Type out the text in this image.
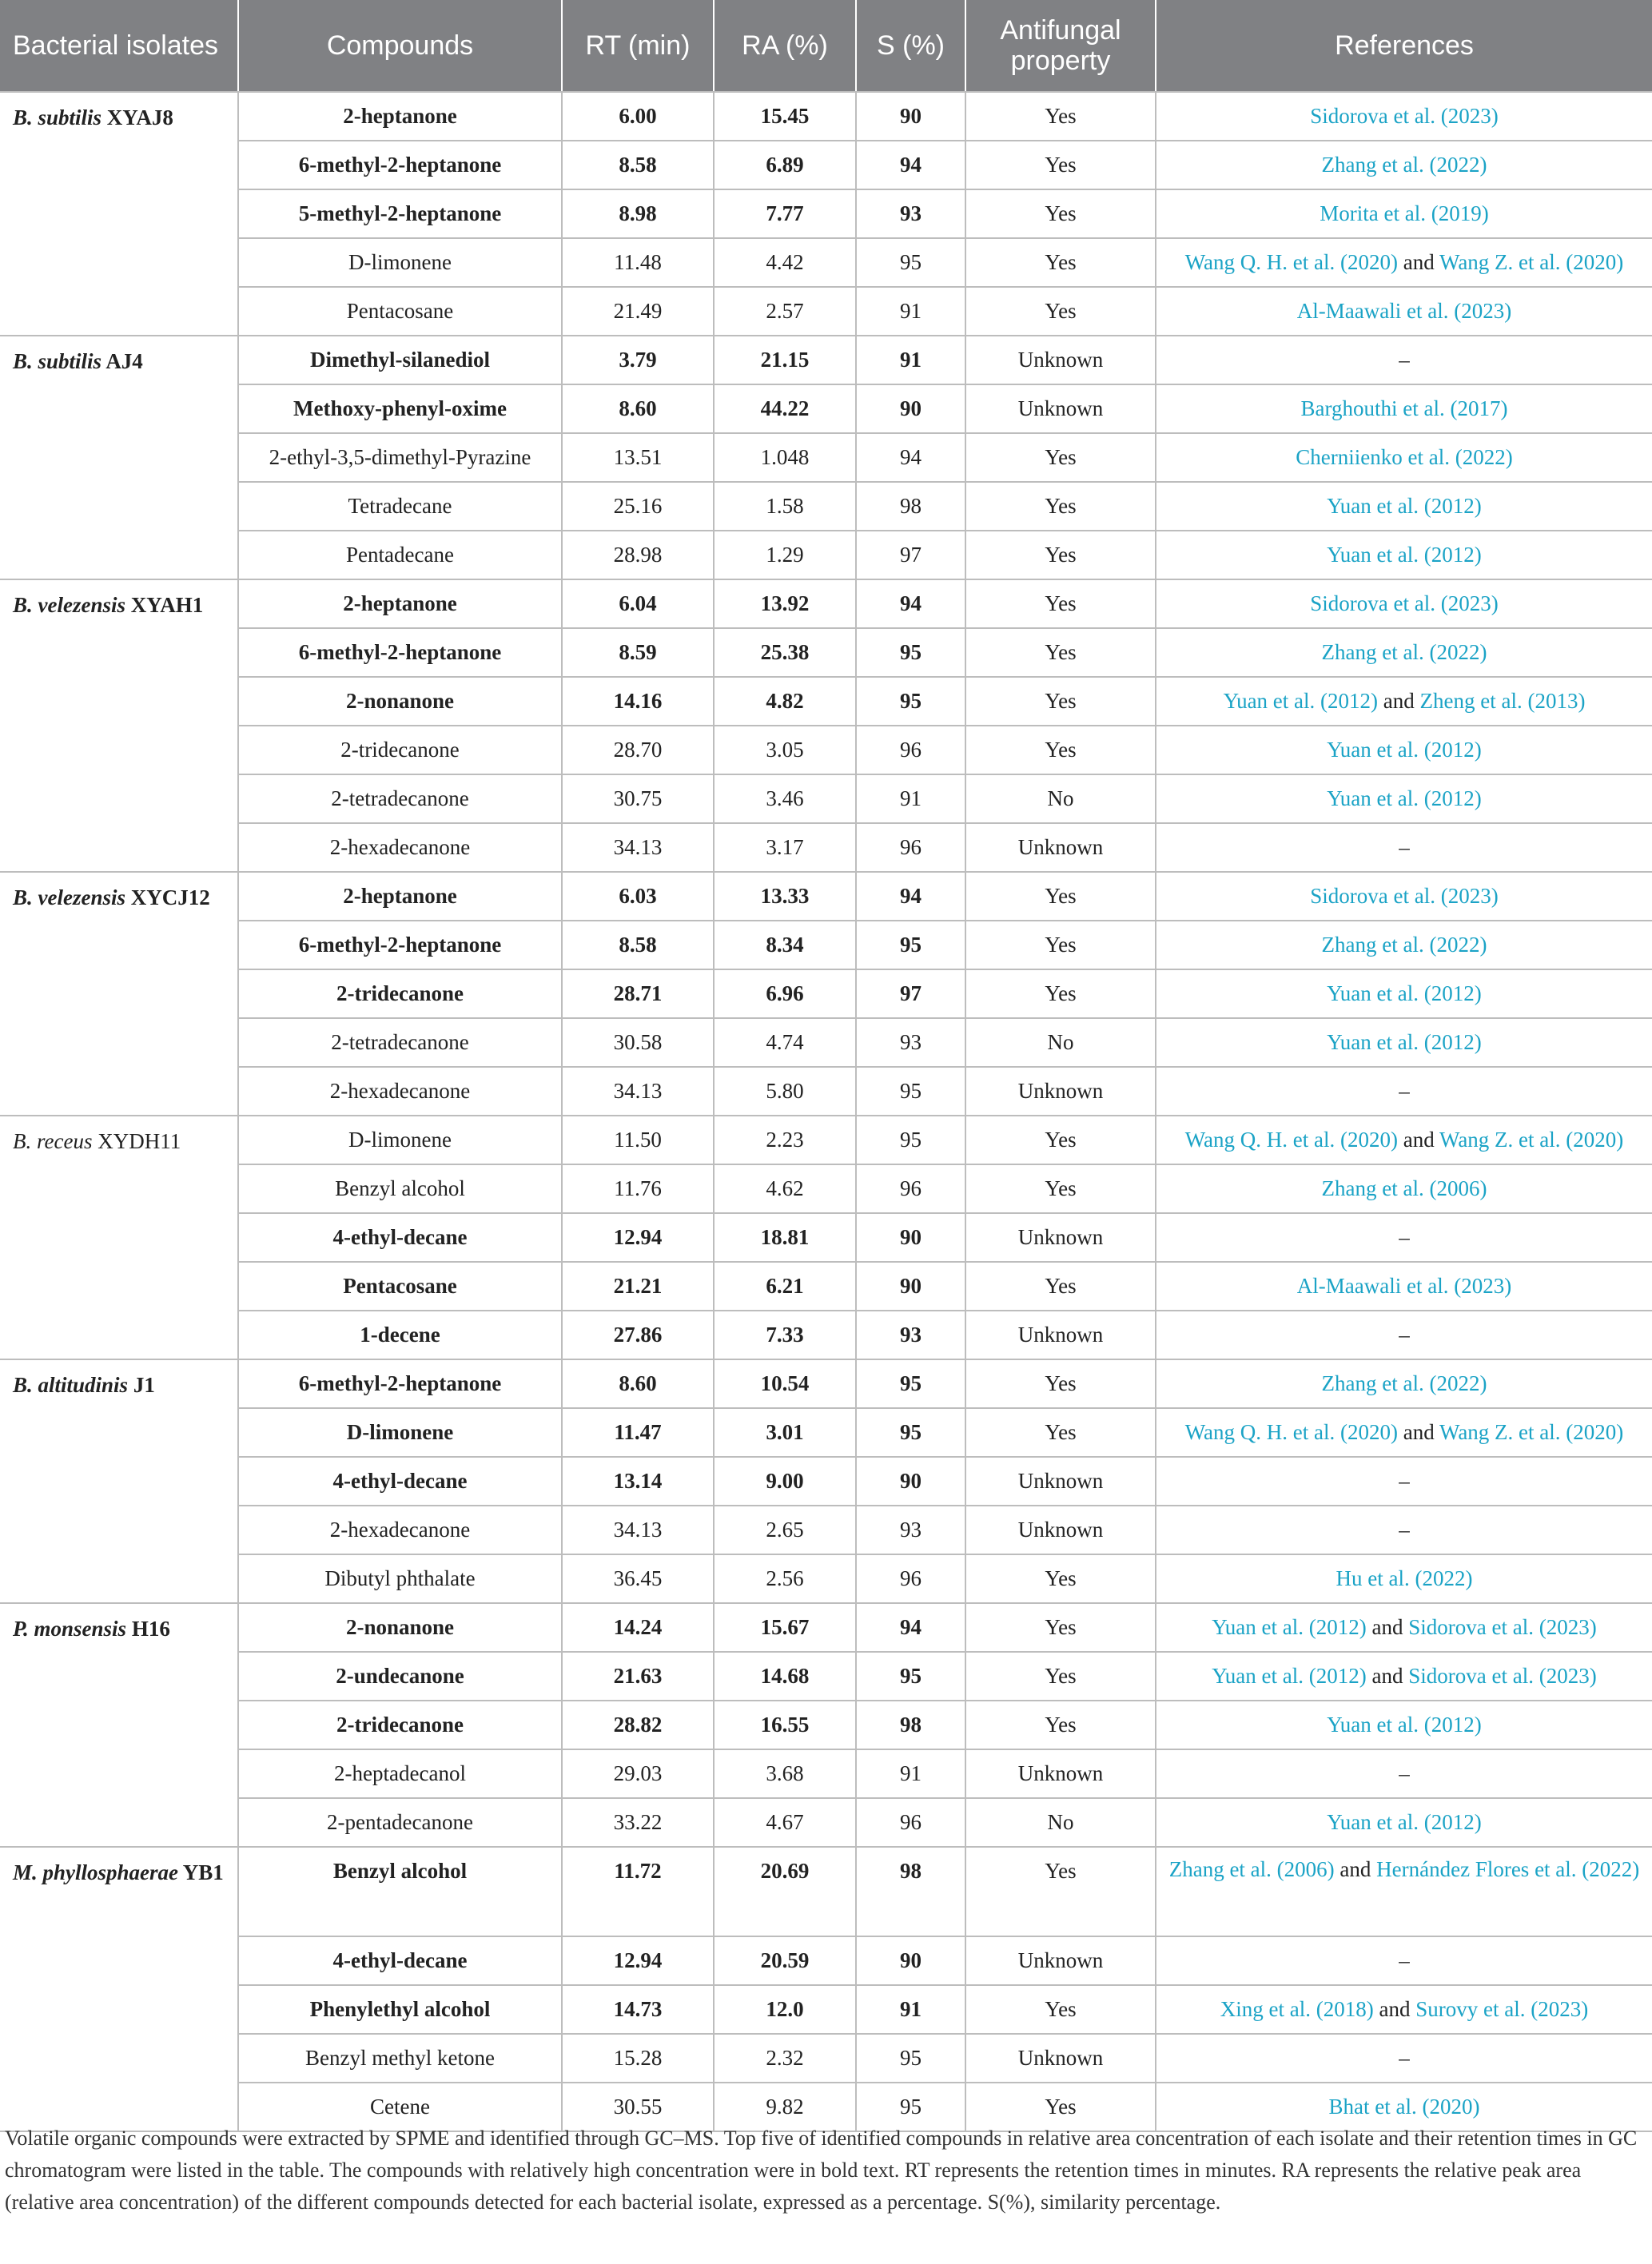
Bacterial isolates	Compounds	RT (min)	RA (%)	S (%)	Antifungal property	References
B. subtilis XYAJ8	2-heptanone	6.00	15.45	90	Yes	Sidorova et al. (2023)
	6-methyl-2-heptanone	8.58	6.89	94	Yes	Zhang et al. (2022)
	5-methyl-2-heptanone	8.98	7.77	93	Yes	Morita et al. (2019)
	D-limonene	11.48	4.42	95	Yes	Wang Q. H. et al. (2020) and Wang Z. et al. (2020)
	Pentacosane	21.49	2.57	91	Yes	Al-Maawali et al. (2023)
B. subtilis AJ4	Dimethyl-silanediol	3.79	21.15	91	Unknown	–
	Methoxy-phenyl-oxime	8.60	44.22	90	Unknown	Barghouthi et al. (2017)
	2-ethyl-3,5-dimethyl-Pyrazine	13.51	1.048	94	Yes	Cherniienko et al. (2022)
	Tetradecane	25.16	1.58	98	Yes	Yuan et al. (2012)
	Pentadecane	28.98	1.29	97	Yes	Yuan et al. (2012)
B. velezensis XYAH1	2-heptanone	6.04	13.92	94	Yes	Sidorova et al. (2023)
	6-methyl-2-heptanone	8.59	25.38	95	Yes	Zhang et al. (2022)
	2-nonanone	14.16	4.82	95	Yes	Yuan et al. (2012) and Zheng et al. (2013)
	2-tridecanone	28.70	3.05	96	Yes	Yuan et al. (2012)
	2-tetradecanone	30.75	3.46	91	No	Yuan et al. (2012)
	2-hexadecanone	34.13	3.17	96	Unknown	–
B. velezensis XYCJ12	2-heptanone	6.03	13.33	94	Yes	Sidorova et al. (2023)
	6-methyl-2-heptanone	8.58	8.34	95	Yes	Zhang et al. (2022)
	2-tridecanone	28.71	6.96	97	Yes	Yuan et al. (2012)
	2-tetradecanone	30.58	4.74	93	No	Yuan et al. (2012)
	2-hexadecanone	34.13	5.80	95	Unknown	–
B. receus XYDH11	D-limonene	11.50	2.23	95	Yes	Wang Q. H. et al. (2020) and Wang Z. et al. (2020)
	Benzyl alcohol	11.76	4.62	96	Yes	Zhang et al. (2006)
	4-ethyl-decane	12.94	18.81	90	Unknown	–
	Pentacosane	21.21	6.21	90	Yes	Al-Maawali et al. (2023)
	1-decene	27.86	7.33	93	Unknown	–
B. altitudinis J1	6-methyl-2-heptanone	8.60	10.54	95	Yes	Zhang et al. (2022)
	D-limonene	11.47	3.01	95	Yes	Wang Q. H. et al. (2020) and Wang Z. et al. (2020)
	4-ethyl-decane	13.14	9.00	90	Unknown	–
	2-hexadecanone	34.13	2.65	93	Unknown	–
	Dibutyl phthalate	36.45	2.56	96	Yes	Hu et al. (2022)
P. monsensis H16	2-nonanone	14.24	15.67	94	Yes	Yuan et al. (2012) and Sidorova et al. (2023)
	2-undecanone	21.63	14.68	95	Yes	Yuan et al. (2012) and Sidorova et al. (2023)
	2-tridecanone	28.82	16.55	98	Yes	Yuan et al. (2012)
	2-heptadecanol	29.03	3.68	91	Unknown	–
	2-pentadecanone	33.22	4.67	96	No	Yuan et al. (2012)
M. phyllosphaerae YB1	Benzyl alcohol	11.72	20.69	98	Yes	Zhang et al. (2006) and Hernández Flores et al. (2022)
	4-ethyl-decane	12.94	20.59	90	Unknown	–
	Phenylethyl alcohol	14.73	12.0	91	Yes	Xing et al. (2018) and Surovy et al. (2023)
	Benzyl methyl ketone	15.28	2.32	95	Unknown	–
	Cetene	30.55	9.82	95	Yes	Bhat et al. (2020)
Volatile organic compounds were extracted by SPME and identified through GC–MS. Top five of identified compounds in relative area concentration of each isolate and their retention times in GC chromatogram were listed in the table. The compounds with relatively high concentration were in bold text. RT represents the retention times in minutes. RA represents the relative peak area (relative area concentration) of the different compounds detected for each bacterial isolate, expressed as a percentage. S(%), similarity percentage.
